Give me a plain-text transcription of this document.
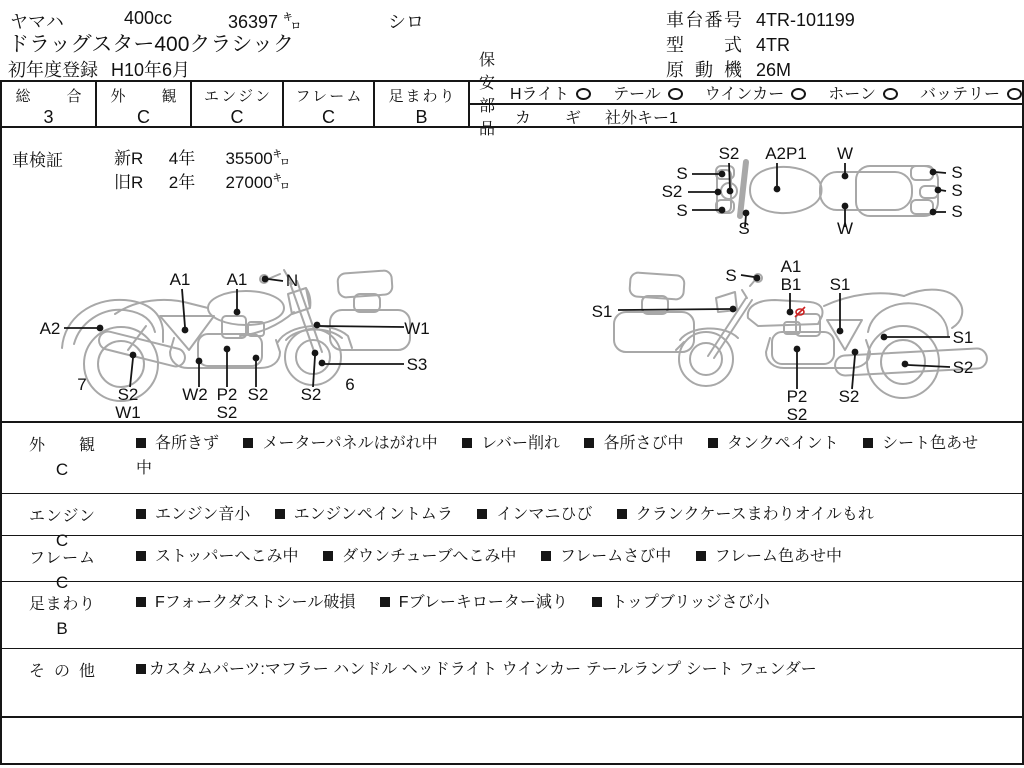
ヤマハ	400cc	36397 ㌔	シロ
ドラッグスター400クラシック
初年度登録 H10年6月
車台番号 4TR-101199
型式 4TR
原動機 26M
総合
3
外観
C
エンジン
C
フレーム
C
足まわり
B
保安部品
Hライト	テール	ウインカー	ホーン	バッテリー
カギ 社外キー1
車検証	新R 4年 35500㌔
旧R 2年 27000㌔
S2 A2P1 W
S
S2
S
S	W
S
S
S
A1 A1 N
A2	W1
S3
7
S2
W1
W2 P2
S2
S2 S2
6
S	A1
B1 S1
S1
S1
S2
P2
S2
S2
外観
C
各所きず	メーターパネルはがれ中	レバー削れ	各所さび中	タンクペイント	シート色あせ中
エンジン
C
エンジン音小	エンジンペイントムラ	インマニひび	クランクケースまわりオイルもれ
フレーム
C
ストッパーへこみ中	ダウンチューブへこみ中	フレームさび中	フレーム色あせ中
足まわり
B
Fフォークダストシール破損	Fブレーキローター減り	トップブリッジさび小
その他	カスタムパーツ:マフラー ハンドル ヘッドライト ウインカー テールランプ シート フェンダー
